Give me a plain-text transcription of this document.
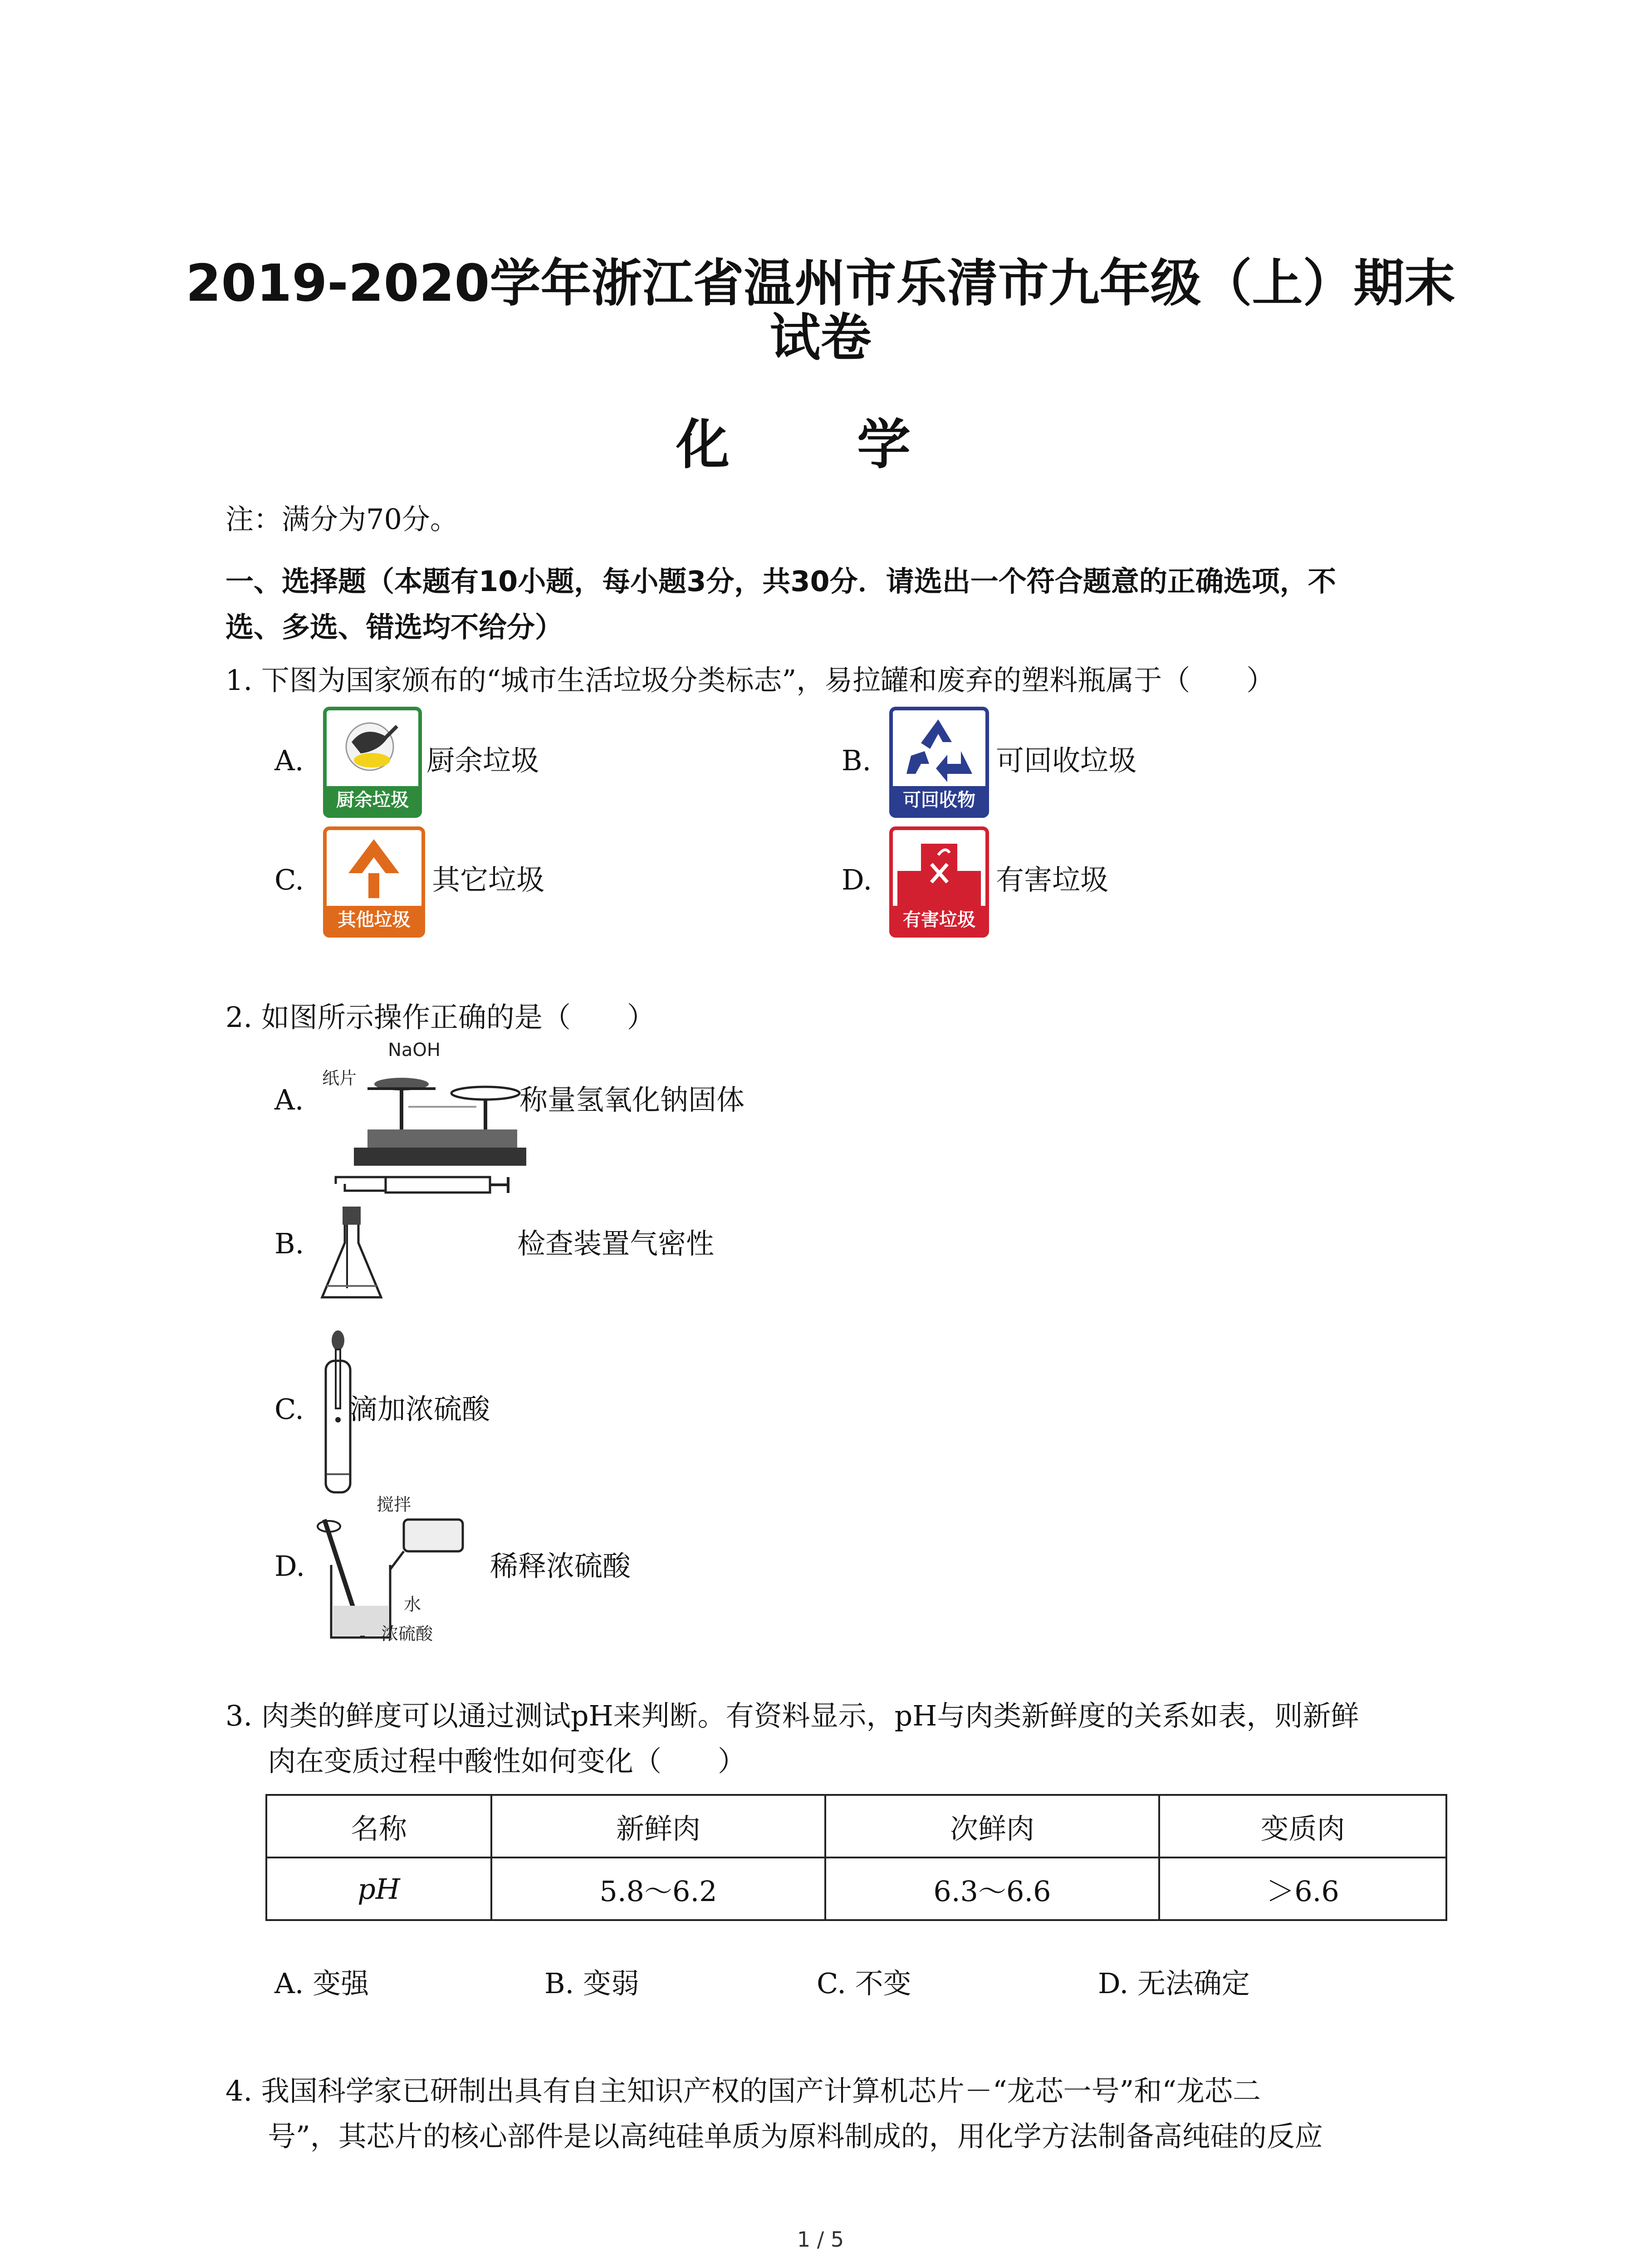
2019-2020学年浙江省温州市乐清市九年级（上）期末
试卷
化 学
注：满分为70分。
一、选择题（本题有10小题，每小题3分，共30分．请选出一个符合题意的正确选项，不
选、多选、错选均不给分）
1. 下图为国家颁布的“城市生活垃圾分类标志”，易拉罐和废弃的塑料瓶属于（　　）
A.
厨余垃圾
厨余垃圾	B.
可回收物
可回收垃圾
C.
其他垃圾
其它垃圾	D.
有害垃圾
有害垃圾
2. 如图所示操作正确的是（　　）
A.
NaOH
纸片
称量氢氧化钠固体
B.	检查装置气密性
C. 滴加浓硫酸
D.
搅拌
水
浓硫酸
稀释浓硫酸
3. 肉类的鲜度可以通过测试pH来判断。有资料显示，pH与肉类新鲜度的关系如表，则新鲜
肉在变质过程中酸性如何变化（　　）
名称	新鲜肉	次鲜肉	变质肉
pH	5.8～6.2	6.3～6.6	＞6.6
A. 变强	B. 变弱	C. 不变	D. 无法确定
4. 我国科学家已研制出具有自主知识产权的国产计算机芯片－“龙芯一号”和“龙芯二
号”，其芯片的核心部件是以高纯硅单质为原料制成的，用化学方法制备高纯硅的反应
1 / 5
